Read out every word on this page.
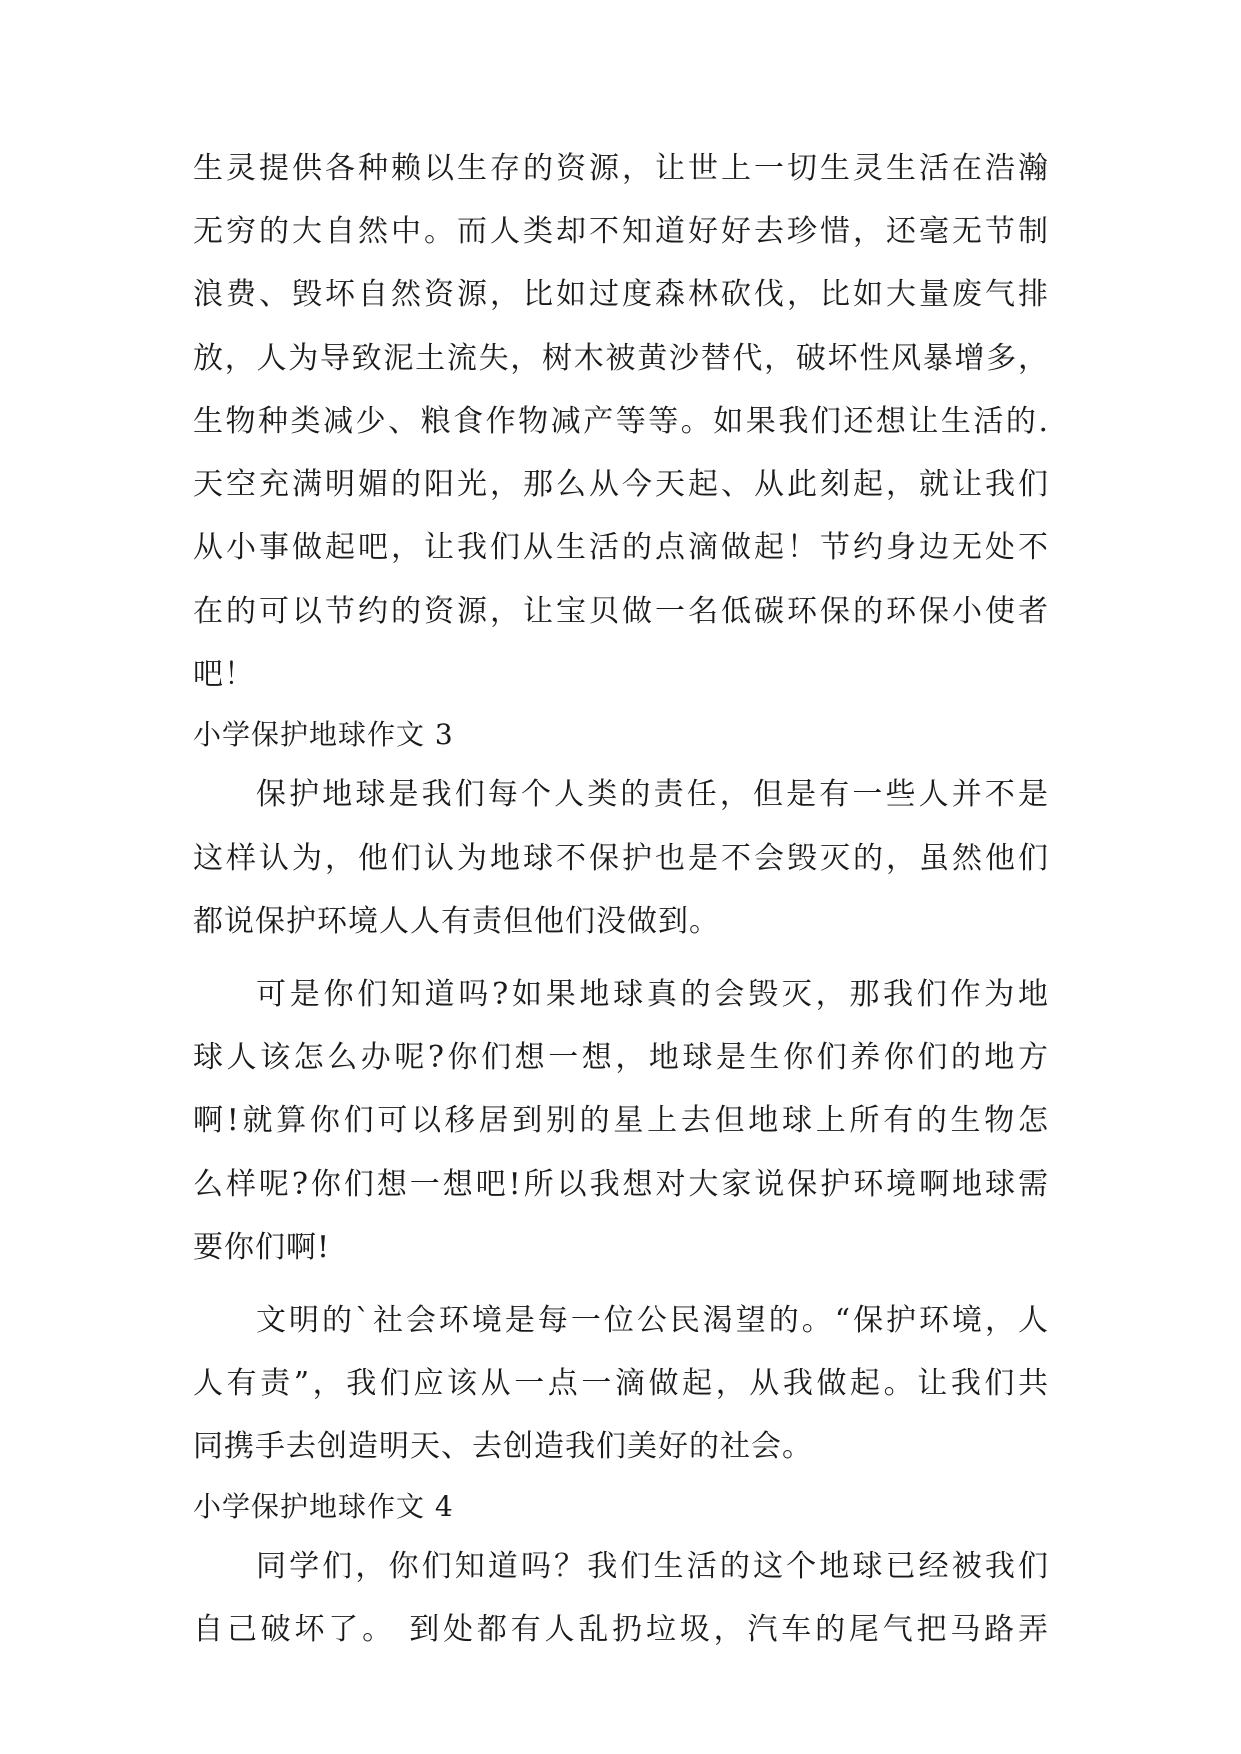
生灵提供各种赖以生存的资源，让世上一切生灵生活在浩瀚
无穷的大自然中。而人类却不知道好好去珍惜，还毫无节制
浪费、毁坏自然资源，比如过度森林砍伐，比如大量废气排
放，人为导致泥土流失，树木被黄沙替代，破坏性风暴增多，
生物种类减少、粮食作物减产等等。如果我们还想让生活的.
天空充满明媚的阳光，那么从今天起、从此刻起，就让我们
从小事做起吧，让我们从生活的点滴做起！节约身边无处不
在的可以节约的资源，让宝贝做一名低碳环保的环保小使者
吧！
小学保护地球作文 3
保护地球是我们每个人类的责任，但是有一些人并不是
这样认为，他们认为地球不保护也是不会毁灭的，虽然他们
都说保护环境人人有责但他们没做到。
可是你们知道吗?如果地球真的会毁灭，那我们作为地
球人该怎么办呢?你们想一想，地球是生你们养你们的地方
啊!就算你们可以移居到别的星上去但地球上所有的生物怎
么样呢?你们想一想吧!所以我想对大家说保护环境啊地球需
要你们啊!
文明的`社会环境是每一位公民渴望的。“保护环境，人
人有责”，我们应该从一点一滴做起，从我做起。让我们共
同携手去创造明天、去创造我们美好的社会。
小学保护地球作文 4
同学们，你们知道吗？我们生活的这个地球已经被我们
自己破坏了。 到处都有人乱扔垃圾，汽车的尾气把马路弄
